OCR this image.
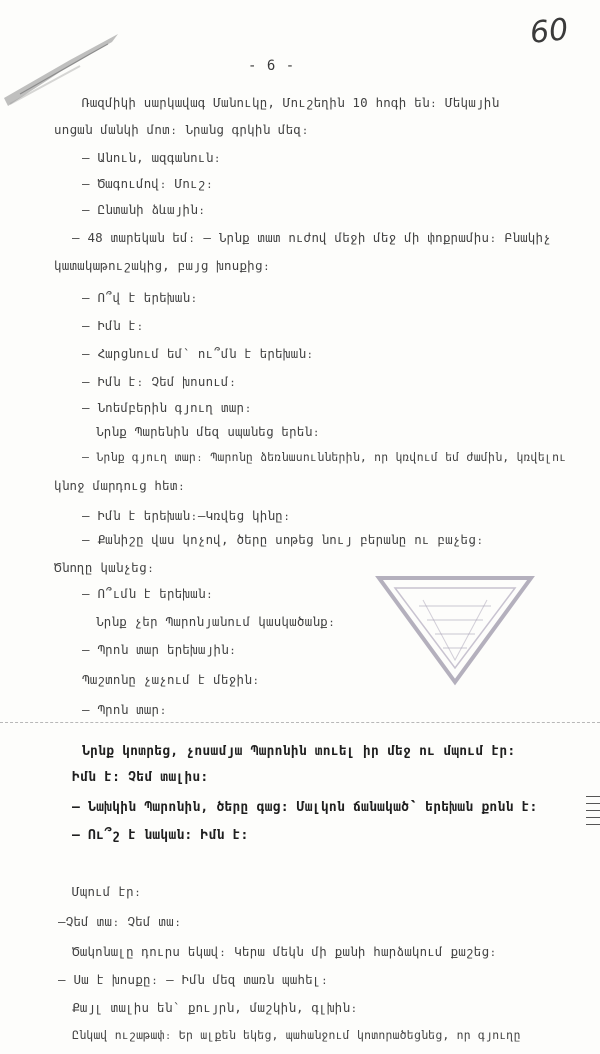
60
- 6 -
Ռազմիկի սարկավագ Մանուկը, Մուշեղին 10 հոգի են։ Մեկային
սոցան մանկի մոտ։ Նրանց գրկին մեզ։
– Անուն, ազգանուն։
– Ծագումով։ Մուշ։
– Ընտանի ձևային։
– 48 տարեկան եմ։ – Նրնք տատ ուժով մեջի մեջ մի փոքրամիս։ Բնակիչ
կատակաթուշակից, բայց խոսքից։
– Ո՞վ է երեխան։
– Իմն է։
– Հարցնում եմ՝ ու՞մն է երեխան։
– Իմն է։ Չեմ խոսում։
– Նոեմբերին գյուղ տար։
Նրնք Պարենին մեզ սպանեց երեն։
– Նրնք գյուղ տար։ Պարոնը ձեռնասուններին, որ կռվում եմ ժամին, կռվելու
կնոջ մարդուց հետ։
– Իմն է երեխան։–Կռվեց կինը։
– Քանիշը վաս կոչով, ծերը սոթեց նույ բերանը ու բաչեց։
Ծնողը կանչեց։
– Ո՞ւմն է երեխան։
Նրնք չեր Պարոնյանում կասկածանք։
– Պրոն տար երեխային։
Պաշտոնը չաչում է մեջին։
– Պրոն տար։
Նրնք կոտրեց, չոսամյա Պարոնին տուել իր մեջ ու մպում էր։
Իմն է։ Չեմ տալիս։
– Նախկին Պարոնին, ծերը գաց։ Մալկոն ճանակած՝ երեխան քոնն է։
– Ու՞շ է նական։ Իմն է։
Մպում էր։
–Չեմ տա։ Չեմ տա։
Ծակոնալը դուրս եկավ։ Կերա մեկն մի քանի հարձակում քաշեց։
– Սա է խոսքը։ – Իմն մեզ տառն պահել։
Քայլ տալիս են՝ քույրն, մաշկին, գլխին։
Ընկավ ուշաթափ։ Եր ալքեն եկեց, պահանջում կոտորածեցնեց, որ գյուղը
